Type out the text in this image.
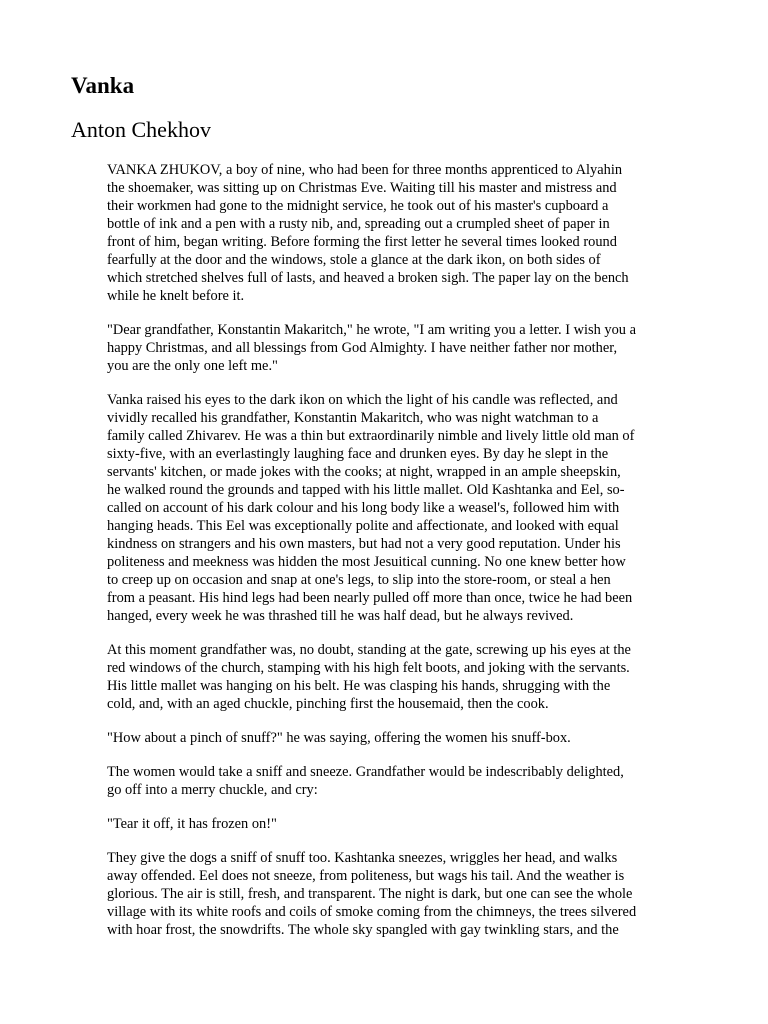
Vanka
Anton Chekhov

VANKA ZHUKOV, a boy of nine, who had been for three months apprenticed to Alyahin
the shoemaker, was sitting up on Christmas Eve. Waiting till his master and mistress and
their workmen had gone to the midnight service, he took out of his master's cupboard a
bottle of ink and a pen with a rusty nib, and, spreading out a crumpled sheet of paper in
front of him, began writing. Before forming the first letter he several times looked round
fearfully at the door and the windows, stole a glance at the dark ikon, on both sides of
which stretched shelves full of lasts, and heaved a broken sigh. The paper lay on the bench
while he knelt before it.

"Dear grandfather, Konstantin Makaritch," he wrote, "I am writing you a letter. I wish you a
happy Christmas, and all blessings from God Almighty. I have neither father nor mother,
you are the only one left me."

Vanka raised his eyes to the dark ikon on which the light of his candle was reflected, and
vividly recalled his grandfather, Konstantin Makaritch, who was night watchman to a
family called Zhivarev. He was a thin but extraordinarily nimble and lively little old man of
sixty-five, with an everlastingly laughing face and drunken eyes. By day he slept in the
servants' kitchen, or made jokes with the cooks; at night, wrapped in an ample sheepskin,
he walked round the grounds and tapped with his little mallet. Old Kashtanka and Eel, so-
called on account of his dark colour and his long body like a weasel's, followed him with
hanging heads. This Eel was exceptionally polite and affectionate, and looked with equal
kindness on strangers and his own masters, but had not a very good reputation. Under his
politeness and meekness was hidden the most Jesuitical cunning. No one knew better how
to creep up on occasion and snap at one's legs, to slip into the store-room, or steal a hen
from a peasant. His hind legs had been nearly pulled off more than once, twice he had been
hanged, every week he was thrashed till he was half dead, but he always revived.

At this moment grandfather was, no doubt, standing at the gate, screwing up his eyes at the
red windows of the church, stamping with his high felt boots, and joking with the servants.
His little mallet was hanging on his belt. He was clasping his hands, shrugging with the
cold, and, with an aged chuckle, pinching first the housemaid, then the cook.

"How about a pinch of snuff?" he was saying, offering the women his snuff-box.

The women would take a sniff and sneeze. Grandfather would be indescribably delighted,
go off into a merry chuckle, and cry:

"Tear it off, it has frozen on!"

They give the dogs a sniff of snuff too. Kashtanka sneezes, wriggles her head, and walks
away offended. Eel does not sneeze, from politeness, but wags his tail. And the weather is
glorious. The air is still, fresh, and transparent. The night is dark, but one can see the whole
village with its white roofs and coils of smoke coming from the chimneys, the trees silvered
with hoar frost, the snowdrifts. The whole sky spangled with gay twinkling stars, and the
